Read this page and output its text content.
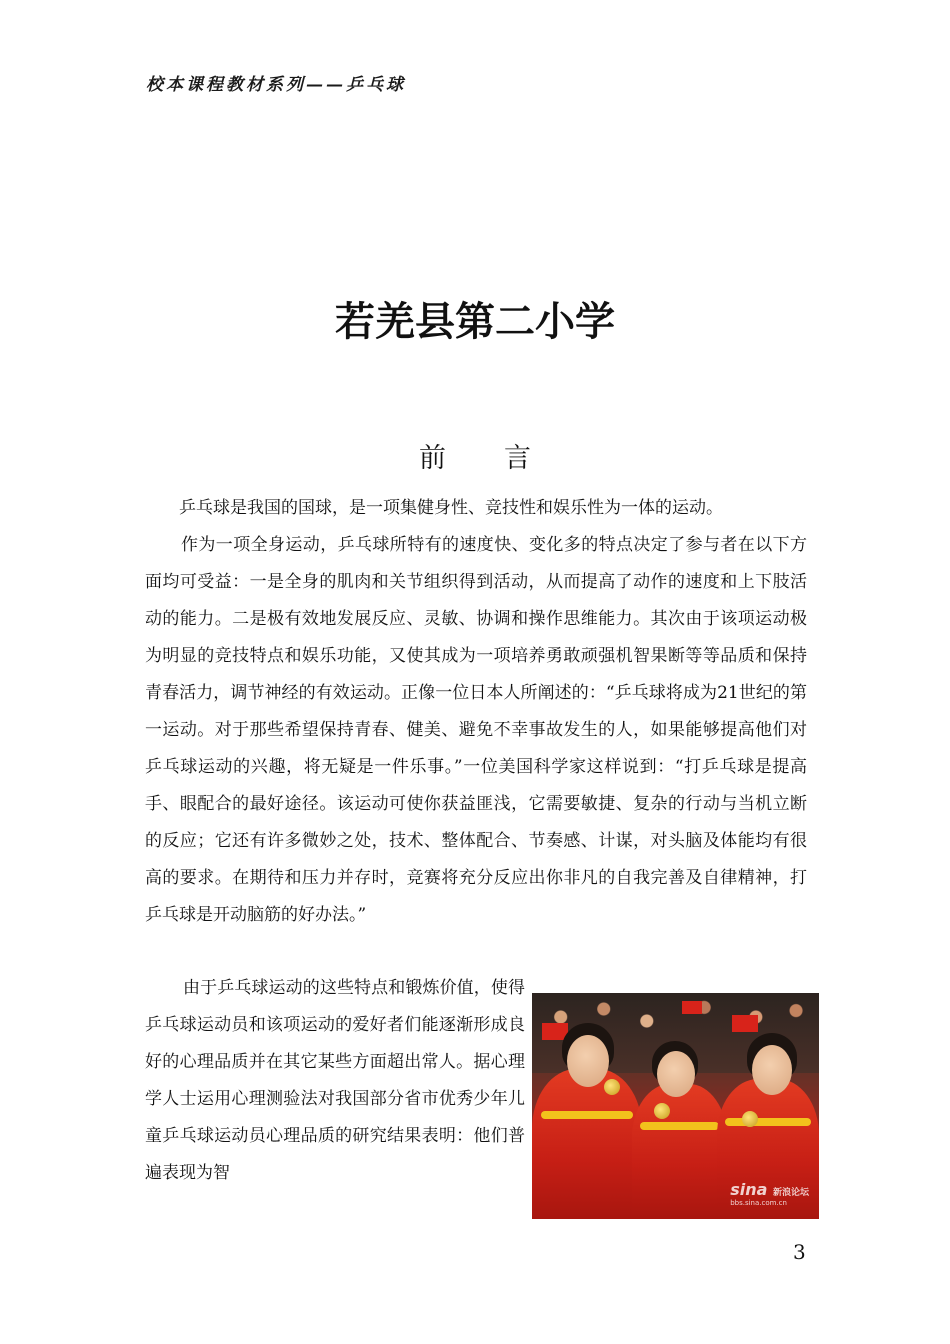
校本课程教材系列——乒乓球
若羌县第二小学
前言
乒乓球是我国的国球，是一项集健身性、竞技性和娱乐性为一体的运动。
作为一项全身运动，乒乓球所特有的速度快、变化多的特点决定了参与者在以下方面均可受益：一是全身的肌肉和关节组织得到活动，从而提高了动作的速度和上下肢活动的能力。二是极有效地发展反应、灵敏、协调和操作思维能力。其次由于该项运动极为明显的竞技特点和娱乐功能，又使其成为一项培养勇敢顽强机智果断等等品质和保持青春活力，调节神经的有效运动。正像一位日本人所阐述的：“乒乓球将成为21世纪的第一运动。对于那些希望保持青春、健美、避免不幸事故发生的人，如果能够提高他们对乒乓球运动的兴趣，将无疑是一件乐事。”一位美国科学家这样说到：“打乒乓球是提高手、眼配合的最好途径。该运动可使你获益匪浅，它需要敏捷、复杂的行动与当机立断的反应；它还有许多微妙之处，技术、整体配合、节奏感、计谋，对头脑及体能均有很高的要求。在期待和压力并存时，竞赛将充分反应出你非凡的自我完善及自律精神，打乒乓球是开动脑筋的好办法。”
由于乒乓球运动的这些特点和锻炼价值，使得乒乓球运动员和该项运动的爱好者们能逐渐形成良好的心理品质并在其它某些方面超出常人。据心理学人士运用心理测验法对我国部分省市优秀少年儿童乒乓球运动员心理品质的研究结果表明：他们普遍表现为智
sina 新浪论坛
bbs.sina.com.cn
3
